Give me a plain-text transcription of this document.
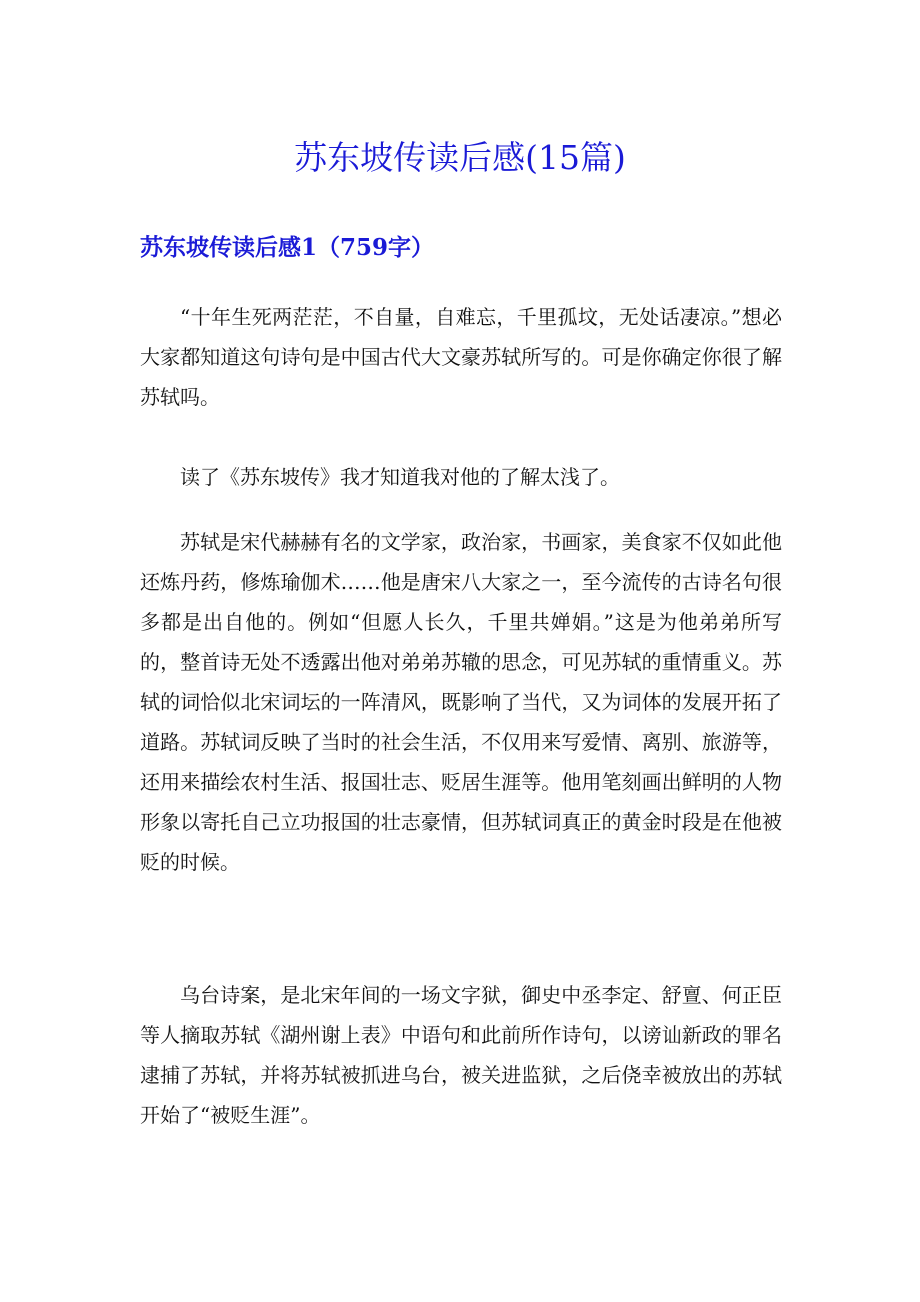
苏东坡传读后感(15篇)
苏东坡传读后感1（759字）

“十年生死两茫茫，不自量，自难忘，千里孤坟，无处话凄凉。”想必大家都知道这句诗句是中国古代大文豪苏轼所写的。可是你确定你很了解苏轼吗。

读了《苏东坡传》我才知道我对他的了解太浅了。

苏轼是宋代赫赫有名的文学家，政治家，书画家，美食家不仅如此他还炼丹药，修炼瑜伽术……他是唐宋八大家之一，至今流传的古诗名句很多都是出自他的。例如“但愿人长久，千里共婵娟。”这是为他弟弟所写的，整首诗无处不透露出他对弟弟苏辙的思念，可见苏轼的重情重义。苏轼的词恰似北宋词坛的一阵清风，既影响了当代，又为词体的发展开拓了道路。苏轼词反映了当时的社会生活，不仅用来写爱情、离别、旅游等，还用来描绘农村生活、报国壮志、贬居生涯等。他用笔刻画出鲜明的人物形象以寄托自己立功报国的壮志豪情，但苏轼词真正的黄金时段是在他被贬的时候。

乌台诗案，是北宋年间的一场文字狱，御史中丞李定、舒亶、何正臣等人摘取苏轼《湖州谢上表》中语句和此前所作诗句，以谤讪新政的罪名逮捕了苏轼，并将苏轼被抓进乌台，被关进监狱，之后侥幸被放出的苏轼开始了“被贬生涯”。
